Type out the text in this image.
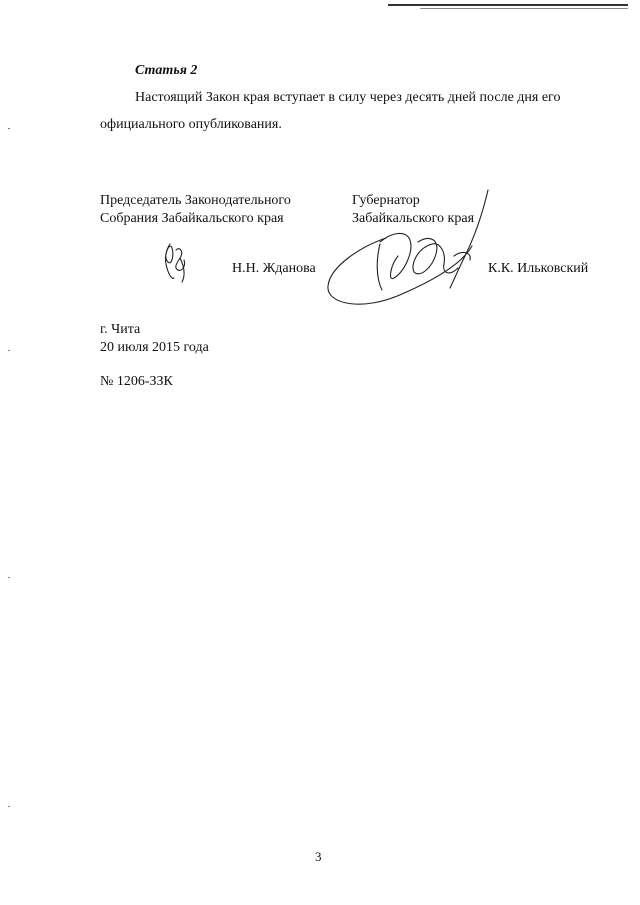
Статья 2
Настоящий Закон края вступает в силу через десять дней после дня его
официального опубликования.
Председатель Законодательного
Собрания Забайкальского края
Губернатор
Забайкальского края
Н.Н. Жданова	К.К. Ильковский
г. Чита
20 июля 2015 года
№ 1206-ЗЗК
3
